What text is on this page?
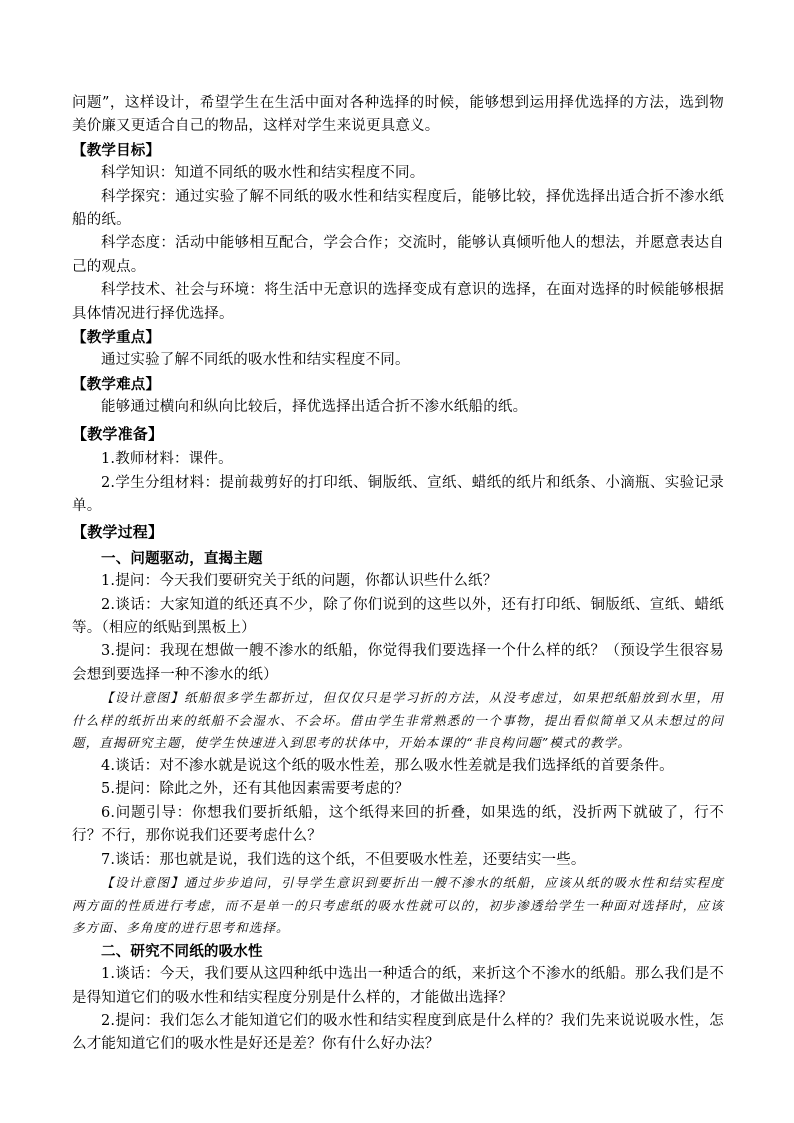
问题”，这样设计，希望学生在生活中面对各种选择的时候，能够想到运用择优选择的方法，选到物美价廉又更适合自己的物品，这样对学生来说更具意义。

【教学目标】

科学知识：知道不同纸的吸水性和结实程度不同。

科学探究：通过实验了解不同纸的吸水性和结实程度后，能够比较，择优选择出适合折不渗水纸船的纸。

科学态度：活动中能够相互配合，学会合作；交流时，能够认真倾听他人的想法，并愿意表达自己的观点。

科学技术、社会与环境：将生活中无意识的选择变成有意识的选择，在面对选择的时候能够根据具体情况进行择优选择。

【教学重点】

通过实验了解不同纸的吸水性和结实程度不同。

【教学难点】

能够通过横向和纵向比较后，择优选择出适合折不渗水纸船的纸。

【教学准备】

1.教师材料：课件。

2.学生分组材料：提前裁剪好的打印纸、铜版纸、宣纸、蜡纸的纸片和纸条、小滴瓶、实验记录单。

【教学过程】

一、问题驱动，直揭主题

1.提问：今天我们要研究关于纸的问题，你都认识些什么纸？

2.谈话：大家知道的纸还真不少，除了你们说到的这些以外，还有打印纸、铜版纸、宣纸、蜡纸等。（相应的纸贴到黑板上）

3.提问：我现在想做一艘不渗水的纸船，你觉得我们要选择一个什么样的纸？（预设学生很容易会想到要选择一种不渗水的纸）

【设计意图】纸船很多学生都折过，但仅仅只是学习折的方法，从没考虑过，如果把纸船放到水里，用什么样的纸折出来的纸船不会湿水、不会坏。借由学生非常熟悉的一个事物，提出看似简单又从未想过的问题，直揭研究主题，使学生快速进入到思考的状体中，开始本课的“非良构问题”模式的教学。

4.谈话：对不渗水就是说这个纸的吸水性差，那么吸水性差就是我们选择纸的首要条件。

5.提问：除此之外，还有其他因素需要考虑的？

6.问题引导：你想我们要折纸船，这个纸得来回的折叠，如果选的纸，没折两下就破了，行不行？不行，那你说我们还要考虑什么？

7.谈话：那也就是说，我们选的这个纸，不但要吸水性差，还要结实一些。

【设计意图】通过步步追问，引导学生意识到要折出一艘不渗水的纸船，应该从纸的吸水性和结实程度两方面的性质进行考虑，而不是单一的只考虑纸的吸水性就可以的，初步渗透给学生一种面对选择时，应该多方面、多角度的进行思考和选择。

二、研究不同纸的吸水性

1.谈话：今天，我们要从这四种纸中选出一种适合的纸，来折这个不渗水的纸船。那么我们是不是得知道它们的吸水性和结实程度分别是什么样的，才能做出选择？

2.提问：我们怎么才能知道它们的吸水性和结实程度到底是什么样的？我们先来说说吸水性，怎么才能知道它们的吸水性是好还是差？你有什么好办法？
